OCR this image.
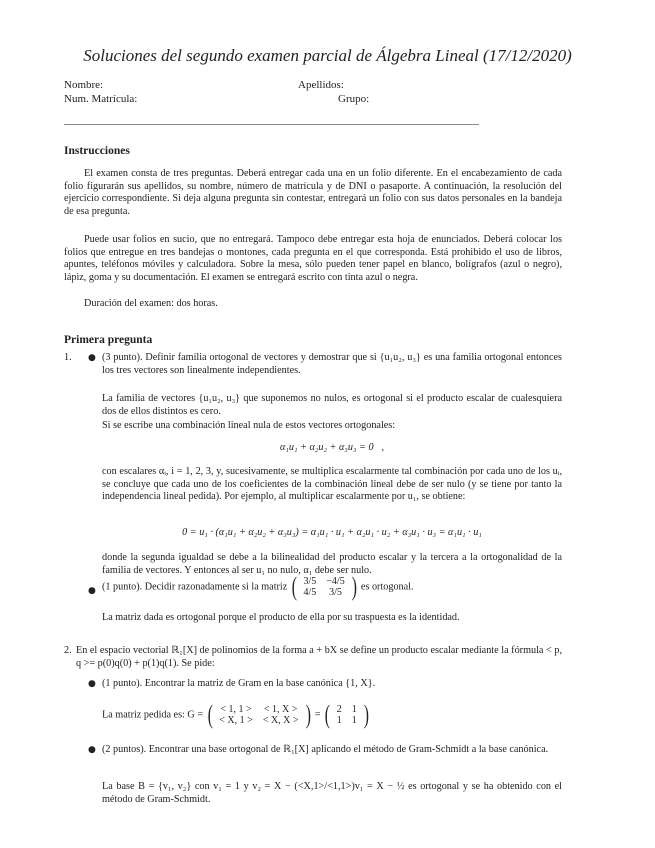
Soluciones del segundo examen parcial de Álgebra Lineal (17/12/2020)
Nombre:	Apellidos:
Num. Matrícula:	Grupo:
Instrucciones
El examen consta de tres preguntas. Deberá entregar cada una en un folio diferente. En el encabezamiento de cada folio figurarán sus apellidos, su nombre, número de matrícula y de DNI o pasaporte. A continuación, la resolución del ejercicio correspondiente. Si deja alguna pregunta sin contestar, entregará un folio con sus datos personales en la bandeja de esa pregunta.
Puede usar folios en sucio, que no entregará. Tampoco debe entregar esta hoja de enunciados. Deberá colocar los folios que entregue en tres bandejas o montones, cada pregunta en el que corresponda. Está prohibido el uso de libros, apuntes, teléfonos móviles y calculadora. Sobre la mesa, sólo pueden tener papel en blanco, bolígrafos (azul o negro), lápiz, goma y su documentación. El examen se entregará escrito con tinta azul o negra.
Duración del examen: dos horas.
Primera pregunta
1. ● (3 punto). Definir familia ortogonal de vectores y demostrar que si {u₁u₂, u₃} es una familia ortogonal entonces los tres vectores son linealmente independientes.
La familia de vectores {u₁u₂, u₃} que suponemos no nulos, es ortogonal si el producto escalar de cualesquiera dos de ellos distintos es cero.
Si se escribe una combinación lineal nula de estos vectores ortogonales:
α₁u₁ + α₂u₂ + α₃u₃ = 0⃗,
con escalares αᵢ, i = 1, 2, 3, y, sucesivamente, se multiplica escalarmente tal combinación por cada uno de los uᵢ, se concluye que cada uno de los coeficientes de la combinación lineal debe de ser nulo (y se tiene por tanto la independencia lineal pedida). Por ejemplo, al multiplicar escalarmente por u₁, se obtiene:
0 = u₁ · (α₁u₁ + α₂u₂ + α₃u₃) = α₁u₁ · u₁ + α₂u₁ · u₂ + α₃u₁ · u₃ = α₁u₁ · u₁
donde la segunda igualdad se debe a la bilinealidad del producto escalar y la tercera a la ortogonalidad de la familia de vectores. Y entonces al ser u₁ no nulo, α₁ debe ser nulo.
● (1 punto). Decidir razonadamente si la matriz ( 3/5	−4/5
4/5	3/5 ) es ortogonal.
La matriz dada es ortogonal porque el producto de ella por su traspuesta es la identidad.
2. En el espacio vectorial ℝ₁[X] de polinomios de la forma a + bX se define un producto escalar mediante la fórmula < p, q >= p(0)q(0) + p(1)q(1). Se pide:
● (1 punto). Encontrar la matriz de Gram en la base canónica {1, X}.
La matriz pedida es: G = ( < 1, 1 >	< 1, X >
< X, 1 >	< X, X > ) = ( 2	1
1	1 )
● (2 puntos). Encontrar una base ortogonal de ℝ₁[X] aplicando el método de Gram-Schmidt a la base canónica.
La base B = {v₁, v₂} con v₁ = 1 y v₂ = X − (<X,1>/<1,1>)v₁ = X − ½ es ortogonal y se ha obtenido con el método de Gram-Schmidt.
